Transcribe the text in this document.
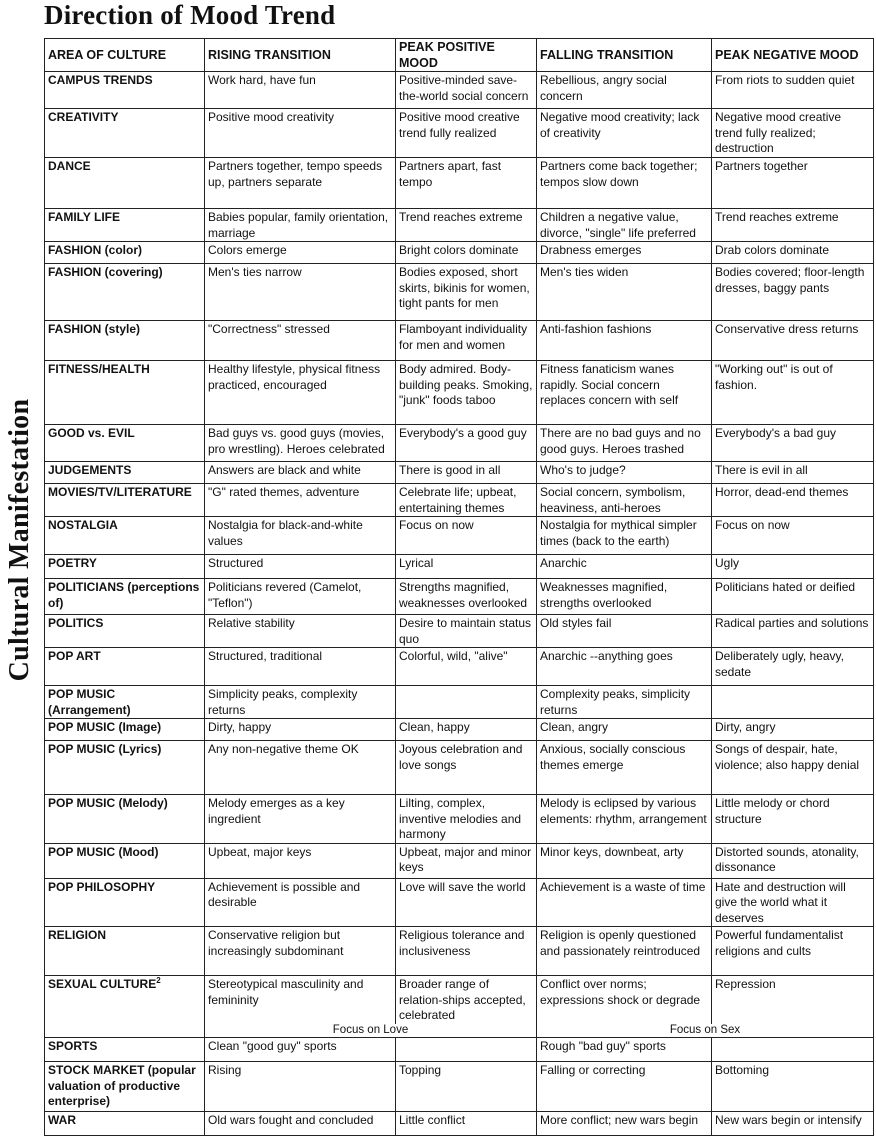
Direction of Mood Trend
Cultural Manifestation
AREA OF CULTURE	RISING TRANSITION	PEAK POSITIVE MOOD	FALLING TRANSITION	PEAK NEGATIVE MOOD
CAMPUS TRENDS	Work hard, have fun	Positive-minded save-the-world social concern	Rebellious, angry social concern	From riots to sudden quiet
CREATIVITY	Positive mood creativity	Positive mood creative trend fully realized	Negative mood creativity; lack of creativity	Negative mood creative trend fully realized; destruction
DANCE	Partners together, tempo speeds up, partners separate	Partners apart, fast tempo	Partners come back together; tempos slow down	Partners together
FAMILY LIFE	Babies popular, family orientation, marriage	Trend reaches extreme	Children a negative value, divorce, "single" life preferred	Trend reaches extreme
FASHION (color)	Colors emerge	Bright colors dominate	Drabness emerges	Drab colors dominate
FASHION (covering)	Men's ties narrow	Bodies exposed, short skirts, bikinis for women, tight pants for men	Men's ties widen	Bodies covered; floor-length dresses, baggy pants
FASHION (style)	"Correctness" stressed	Flamboyant individuality for men and women	Anti-fashion fashions	Conservative dress returns
FITNESS/HEALTH	Healthy lifestyle, physical fitness practiced, encouraged	Body admired. Body-building peaks. Smoking, "junk" foods taboo	Fitness fanaticism wanes rapidly. Social concern replaces concern with self	"Working out" is out of fashion.
GOOD vs. EVIL	Bad guys vs. good guys (movies, pro wrestling). Heroes celebrated	Everybody's a good guy	There are no bad guys and no good guys. Heroes trashed	Everybody's a bad guy
JUDGEMENTS	Answers are black and white	There is good in all	Who's to judge?	There is evil in all
MOVIES/TV/LITERATURE	"G" rated themes, adventure	Celebrate life; upbeat, entertaining themes	Social concern, symbolism, heaviness, anti-heroes	Horror, dead-end themes
NOSTALGIA	Nostalgia for black-and-white values	Focus on now	Nostalgia for mythical simpler times (back to the earth)	Focus on now
POETRY	Structured	Lyrical	Anarchic	Ugly
POLITICIANS (perceptions of)	Politicians revered (Camelot, "Teflon")	Strengths magnified, weaknesses overlooked	Weaknesses magnified, strengths overlooked	Politicians hated or deified
POLITICS	Relative stability	Desire to maintain status quo	Old styles fail	Radical parties and solutions
POP ART	Structured, traditional	Colorful, wild, "alive"	Anarchic --anything goes	Deliberately ugly, heavy, sedate
POP MUSIC (Arrangement)	Simplicity peaks, complexity returns		Complexity peaks, simplicity returns	
POP MUSIC (Image)	Dirty, happy	Clean, happy	Clean, angry	Dirty, angry
POP MUSIC (Lyrics)	Any non-negative theme OK	Joyous celebration and love songs	Anxious, socially conscious themes emerge	Songs of despair, hate, violence; also happy denial
POP MUSIC (Melody)	Melody emerges as a key ingredient	Lilting, complex, inventive melodies and harmony	Melody is eclipsed by various elements: rhythm, arrangement	Little melody or chord structure
POP MUSIC (Mood)	Upbeat, major keys	Upbeat, major and minor keys	Minor keys, downbeat, arty	Distorted sounds, atonality, dissonance
POP PHILOSOPHY	Achievement is possible and desirable	Love will save the world	Achievement is a waste of time	Hate and destruction will give the world what it deserves
RELIGION	Conservative religion but increasingly subdominant	Religious tolerance and inclusiveness	Religion is openly questioned and passionately reintroduced	Powerful fundamentalist religions and cults
SEXUAL CULTURE$^2$	Stereotypical masculinity and femininity	Broader range of relation-ships accepted, celebrated	Conflict over norms; expressions shock or degrade	Repression
	Focus on Love		Focus on Sex	
SPORTS	Clean "good guy" sports		Rough "bad guy" sports	
STOCK MARKET (popular valuation of productive enterprise)	Rising	Topping	Falling or correcting	Bottoming
WAR	Old wars fought and concluded	Little conflict	More conflict; new wars begin	New wars begin or intensify
